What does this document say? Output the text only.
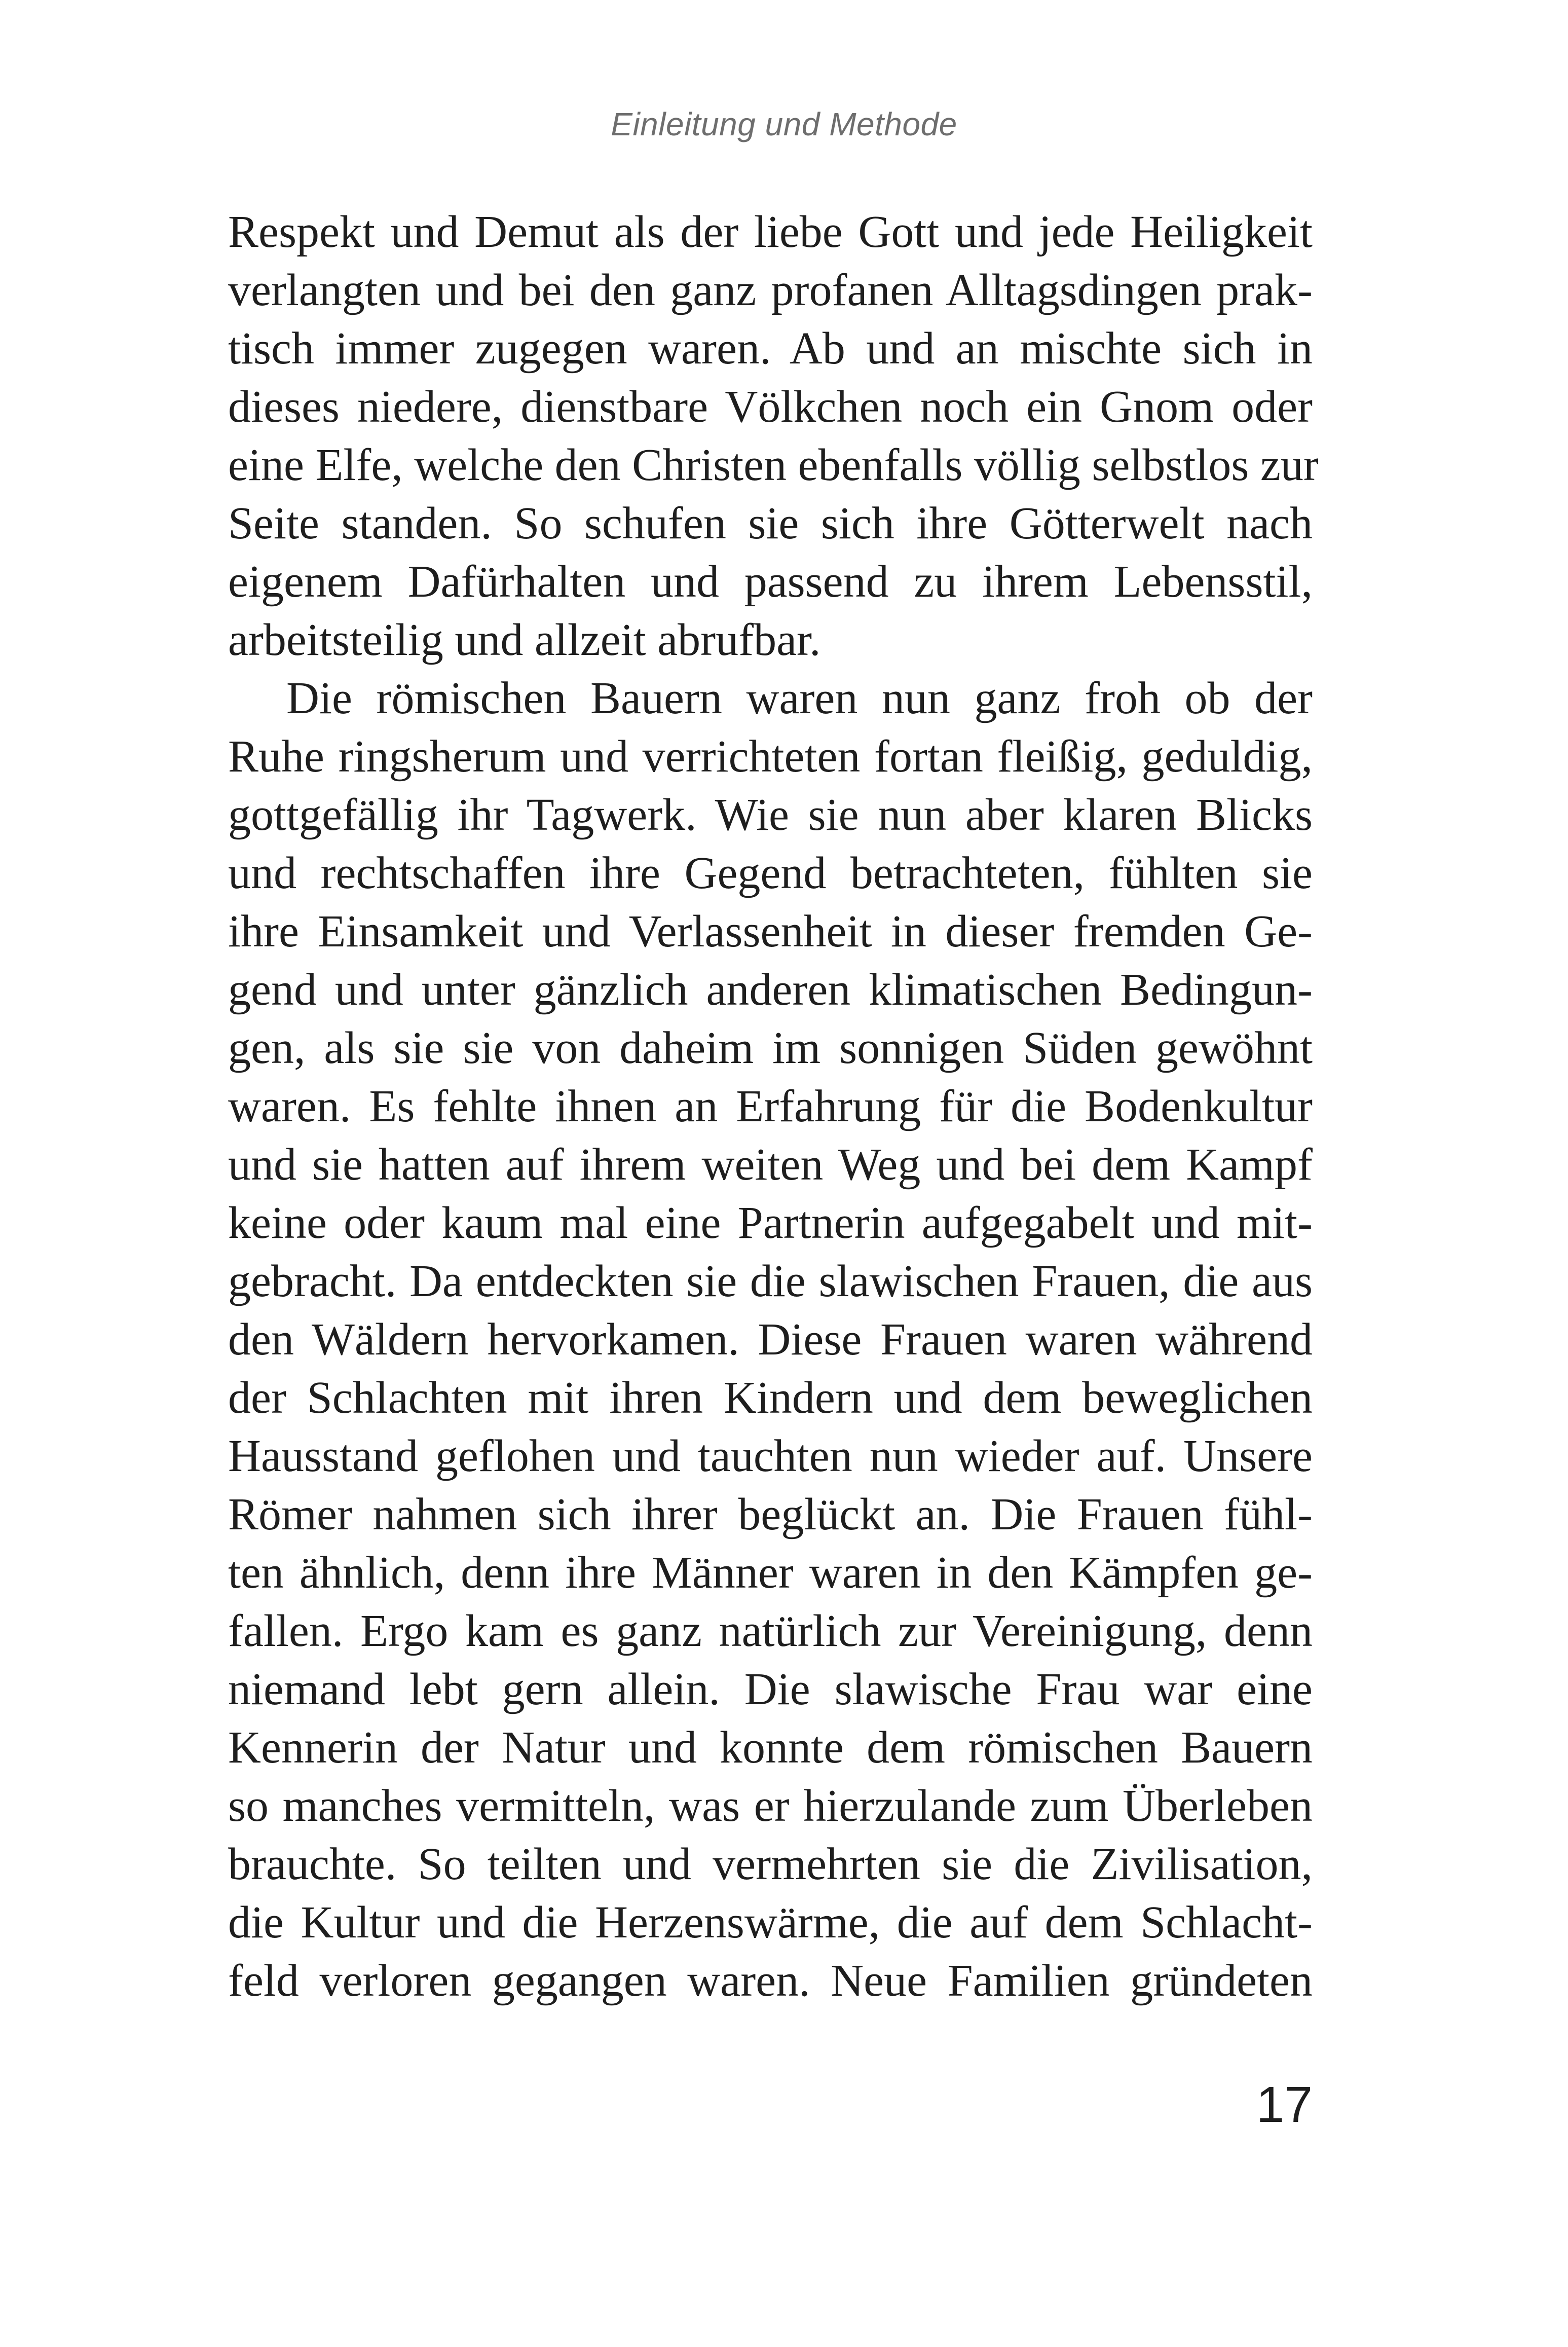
Einleitung und Methode
Respekt und Demut als der liebe Gott und jede Heiligkeit
verlangten und bei den ganz profanen Alltagsdingen prak-
tisch immer zugegen waren. Ab und an mischte sich in
dieses niedere, dienstbare Völkchen noch ein Gnom oder
eine Elfe, welche den Christen ebenfalls völlig selbstlos zur
Seite standen. So schufen sie sich ihre Götterwelt nach
eigenem Dafürhalten und passend zu ihrem Lebensstil,
arbeitsteilig und allzeit abrufbar.
Die römischen Bauern waren nun ganz froh ob der
Ruhe ringsherum und verrichteten fortan fleißig, geduldig,
gottgefällig ihr Tagwerk. Wie sie nun aber klaren Blicks
und rechtschaffen ihre Gegend betrachteten, fühlten sie
ihre Einsamkeit und Verlassenheit in dieser fremden Ge-
gend und unter gänzlich anderen klimatischen Bedingun-
gen, als sie sie von daheim im sonnigen Süden gewöhnt
waren. Es fehlte ihnen an Erfahrung für die Bodenkultur
und sie hatten auf ihrem weiten Weg und bei dem Kampf
keine oder kaum mal eine Partnerin aufgegabelt und mit-
gebracht. Da entdeckten sie die slawischen Frauen, die aus
den Wäldern hervorkamen. Diese Frauen waren während
der Schlachten mit ihren Kindern und dem beweglichen
Hausstand geflohen und tauchten nun wieder auf. Unsere
Römer nahmen sich ihrer beglückt an. Die Frauen fühl-
ten ähnlich, denn ihre Männer waren in den Kämpfen ge-
fallen. Ergo kam es ganz natürlich zur Vereinigung, denn
niemand lebt gern allein. Die slawische Frau war eine
Kennerin der Natur und konnte dem römischen Bauern
so manches vermitteln, was er hierzulande zum Überleben
brauchte. So teilten und vermehrten sie die Zivilisation,
die Kultur und die Herzenswärme, die auf dem Schlacht-
feld verloren gegangen waren. Neue Familien gründeten
17
